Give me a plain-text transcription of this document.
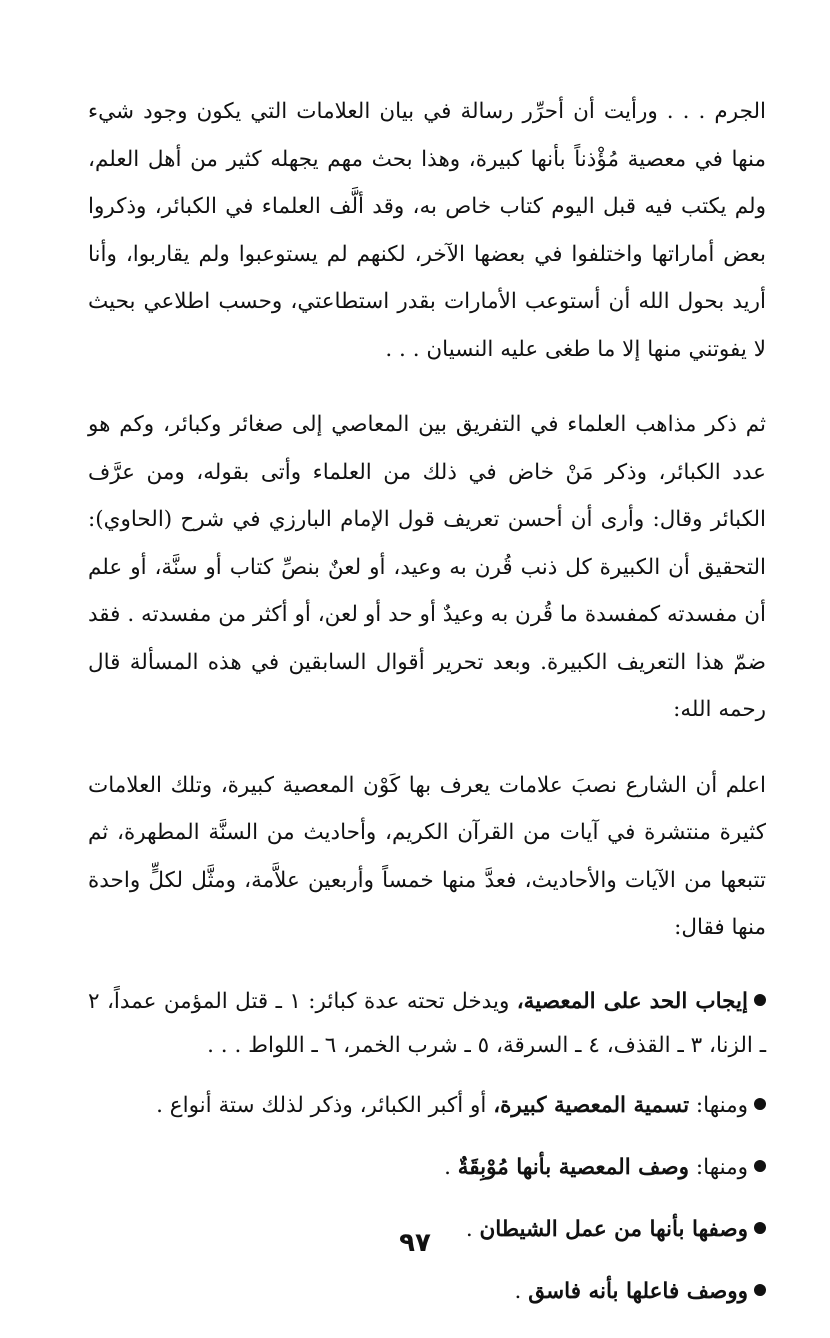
الجرم . . . ورأيت أن أحرِّر رسالة في بيان العلامات التي يكون وجود شيء منها في معصية مُؤْذناً بأنها كبيرة، وهذا بحث مهم يجهله كثير من أهل العلم، ولم يكتب فيه قبل اليوم كتاب خاص به، وقد ألَّف العلماء في الكبائر، وذكروا بعض أماراتها واختلفوا في بعضها الآخر، لكنهم لم يستوعبوا ولم يقاربوا، وأنا أريد بحول الله أن أستوعب الأمارات بقدر استطاعتي، وحسب اطلاعي بحيث لا يفوتني منها إلا ما طغى عليه النسيان . . .

ثم ذكر مذاهب العلماء في التفريق بين المعاصي إلى صغائر وكبائر، وكم هو عدد الكبائر، وذكر مَنْ خاض في ذلك من العلماء وأتى بقوله، ومن عرَّف الكبائر وقال: وأرى أن أحسن تعريف قول الإمام البارزي في شرح (الحاوي): التحقيق أن الكبيرة كل ذنب قُرن به وعيد، أو لعنٌ بنصِّ كتاب أو سنَّة، أو علم أن مفسدته كمفسدة ما قُرن به وعيدٌ أو حد أو لعن، أو أكثر من مفسدته . فقد ضمّ هذا التعريف الكبيرة. وبعد تحرير أقوال السابقين في هذه المسألة قال رحمه الله:

اعلم أن الشارع نصبَ علامات يعرف بها كَوْن المعصية كبيرة، وتلك العلامات كثيرة منتشرة في آيات من القرآن الكريم، وأحاديث من السنَّة المطهرة، ثم تتبعها من الآيات والأحاديث، فعدَّ منها خمساً وأربعين علاَّمة، ومثَّل لكلٍّ واحدة منها فقال:

إيجاب الحد على المعصية، ويدخل تحته عدة كبائر: ١ ـ قتل المؤمن عمداً، ٢ ـ الزنا، ٣ ـ القذف، ٤ ـ السرقة، ٥ ـ شرب الخمر، ٦ ـ اللواط . . .

ومنها: تسمية المعصية كبيرة، أو أكبر الكبائر، وذكر لذلك ستة أنواع .

ومنها: وصف المعصية بأنها مُوْبِقَةٌ .

وصفها بأنها من عمل الشيطان .

ووصف فاعلها بأنه فاسق .

٩٧
